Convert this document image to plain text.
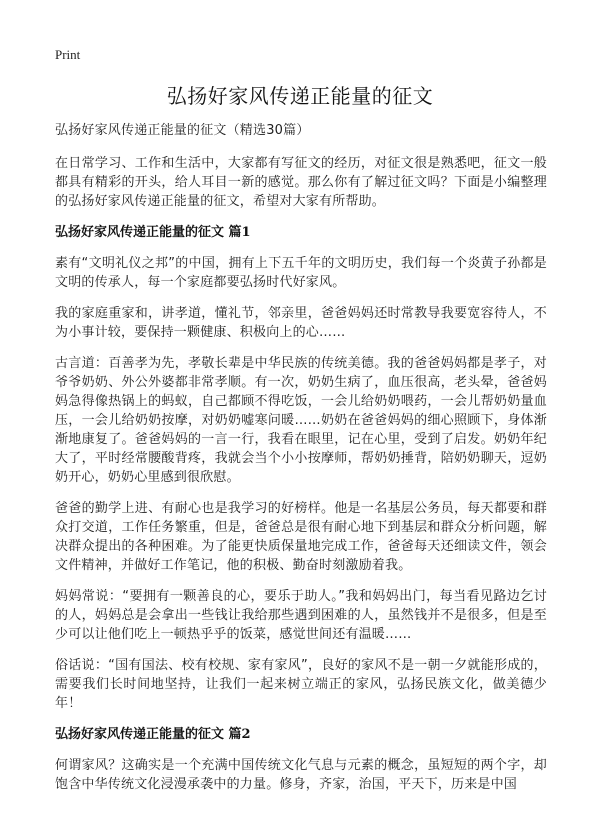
Print
弘扬好家风传递正能量的征文

弘扬好家风传递正能量的征文（精选30篇）

在日常学习、工作和生活中，大家都有写征文的经历，对征文很是熟悉吧，征文一般都具有精彩的开头，给人耳目一新的感觉。那么你有了解过征文吗？下面是小编整理的弘扬好家风传递正能量的征文，希望对大家有所帮助。

弘扬好家风传递正能量的征文 篇1

素有“文明礼仪之邦”的中国，拥有上下五千年的文明历史，我们每一个炎黄子孙都是文明的传承人，每一个家庭都要弘扬时代好家风。

我的家庭重家和，讲孝道，懂礼节，邻亲里，爸爸妈妈还时常教导我要宽容待人，不为小事计较，要保持一颗健康、积极向上的心……

古言道：百善孝为先，孝敬长辈是中华民族的传统美德。我的爸爸妈妈都是孝子，对爷爷奶奶、外公外婆都非常孝顺。有一次，奶奶生病了，血压很高，老头晕，爸爸妈妈急得像热锅上的蚂蚁，自己都顾不得吃饭，一会儿给奶奶喂药，一会儿帮奶奶量血压，一会儿给奶奶按摩，对奶奶嘘寒问暖……奶奶在爸爸妈妈的细心照顾下，身体渐渐地康复了。爸爸妈妈的一言一行，我看在眼里，记在心里，受到了启发。奶奶年纪大了，平时经常腰酸背疼，我就会当个小小按摩师，帮奶奶捶背，陪奶奶聊天，逗奶奶开心，奶奶心里感到很欣慰。

爸爸的勤学上进、有耐心也是我学习的好榜样。他是一名基层公务员，每天都要和群众打交道，工作任务繁重，但是，爸爸总是很有耐心地下到基层和群众分析问题，解决群众提出的各种困难。为了能更快质保量地完成工作，爸爸每天还细读文件，领会文件精神，并做好工作笔记，他的积极、勤奋时刻激励着我。

妈妈常说：“要拥有一颗善良的心，要乐于助人。”我和妈妈出门，每当看见路边乞讨的人，妈妈总是会拿出一些钱让我给那些遇到困难的人，虽然钱并不是很多，但是至少可以让他们吃上一顿热乎乎的饭菜，感觉世间还有温暖……

俗话说：“国有国法、校有校规、家有家风”，良好的家风不是一朝一夕就能形成的，需要我们长时间地坚持，让我们一起来树立端正的家风，弘扬民族文化，做美德少年！

弘扬好家风传递正能量的征文 篇2

何谓家风？这确实是一个充满中国传统文化气息与元素的概念，虽短短的两个字，却饱含中华传统文化浸漫承袭中的力量。修身，齐家，治国，平天下，历来是中国
